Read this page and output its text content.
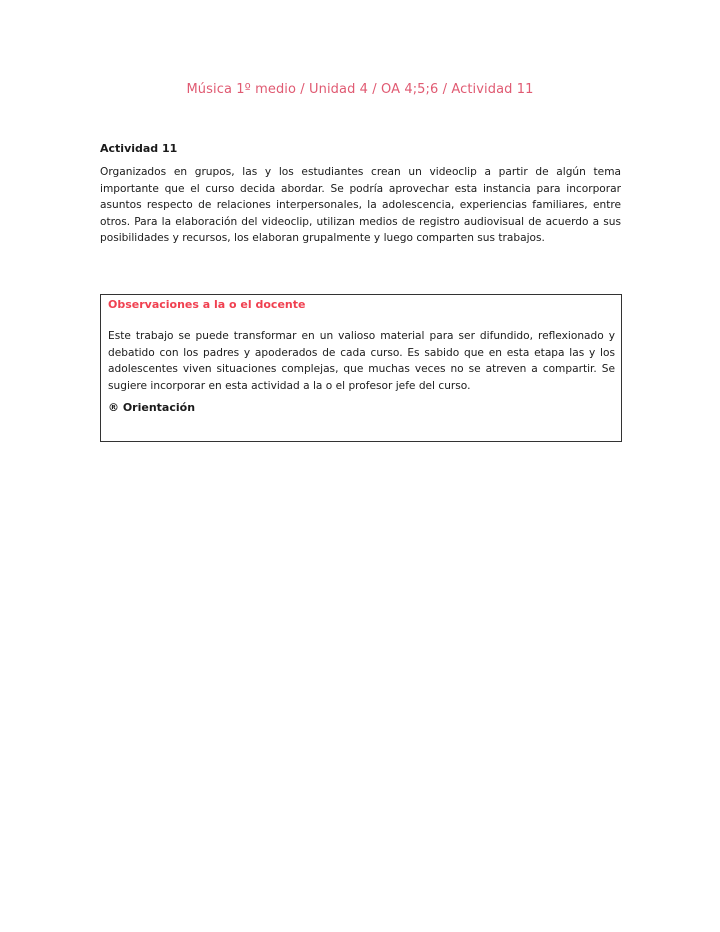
Música 1º medio / Unidad 4 / OA 4;5;6 / Actividad 11
Actividad 11

Organizados en grupos, las y los estudiantes crean un videoclip a partir de algún tema importante que el curso decida abordar. Se podría aprovechar esta instancia para incorporar asuntos respecto de relaciones interpersonales, la adolescencia, experiencias familiares, entre otros. Para la elaboración del videoclip, utilizan medios de registro audiovisual de acuerdo a sus posibilidades y recursos, los elaboran grupalmente y luego comparten sus trabajos.

Observaciones a la o el docente

Este trabajo se puede transformar en un valioso material para ser difundido, reflexionado y debatido con los padres y apoderados de cada curso. Es sabido que en esta etapa las y los adolescentes viven situaciones complejas, que muchas veces no se atreven a compartir. Se sugiere incorporar en esta actividad a la o el profesor jefe del curso.

® Orientación
